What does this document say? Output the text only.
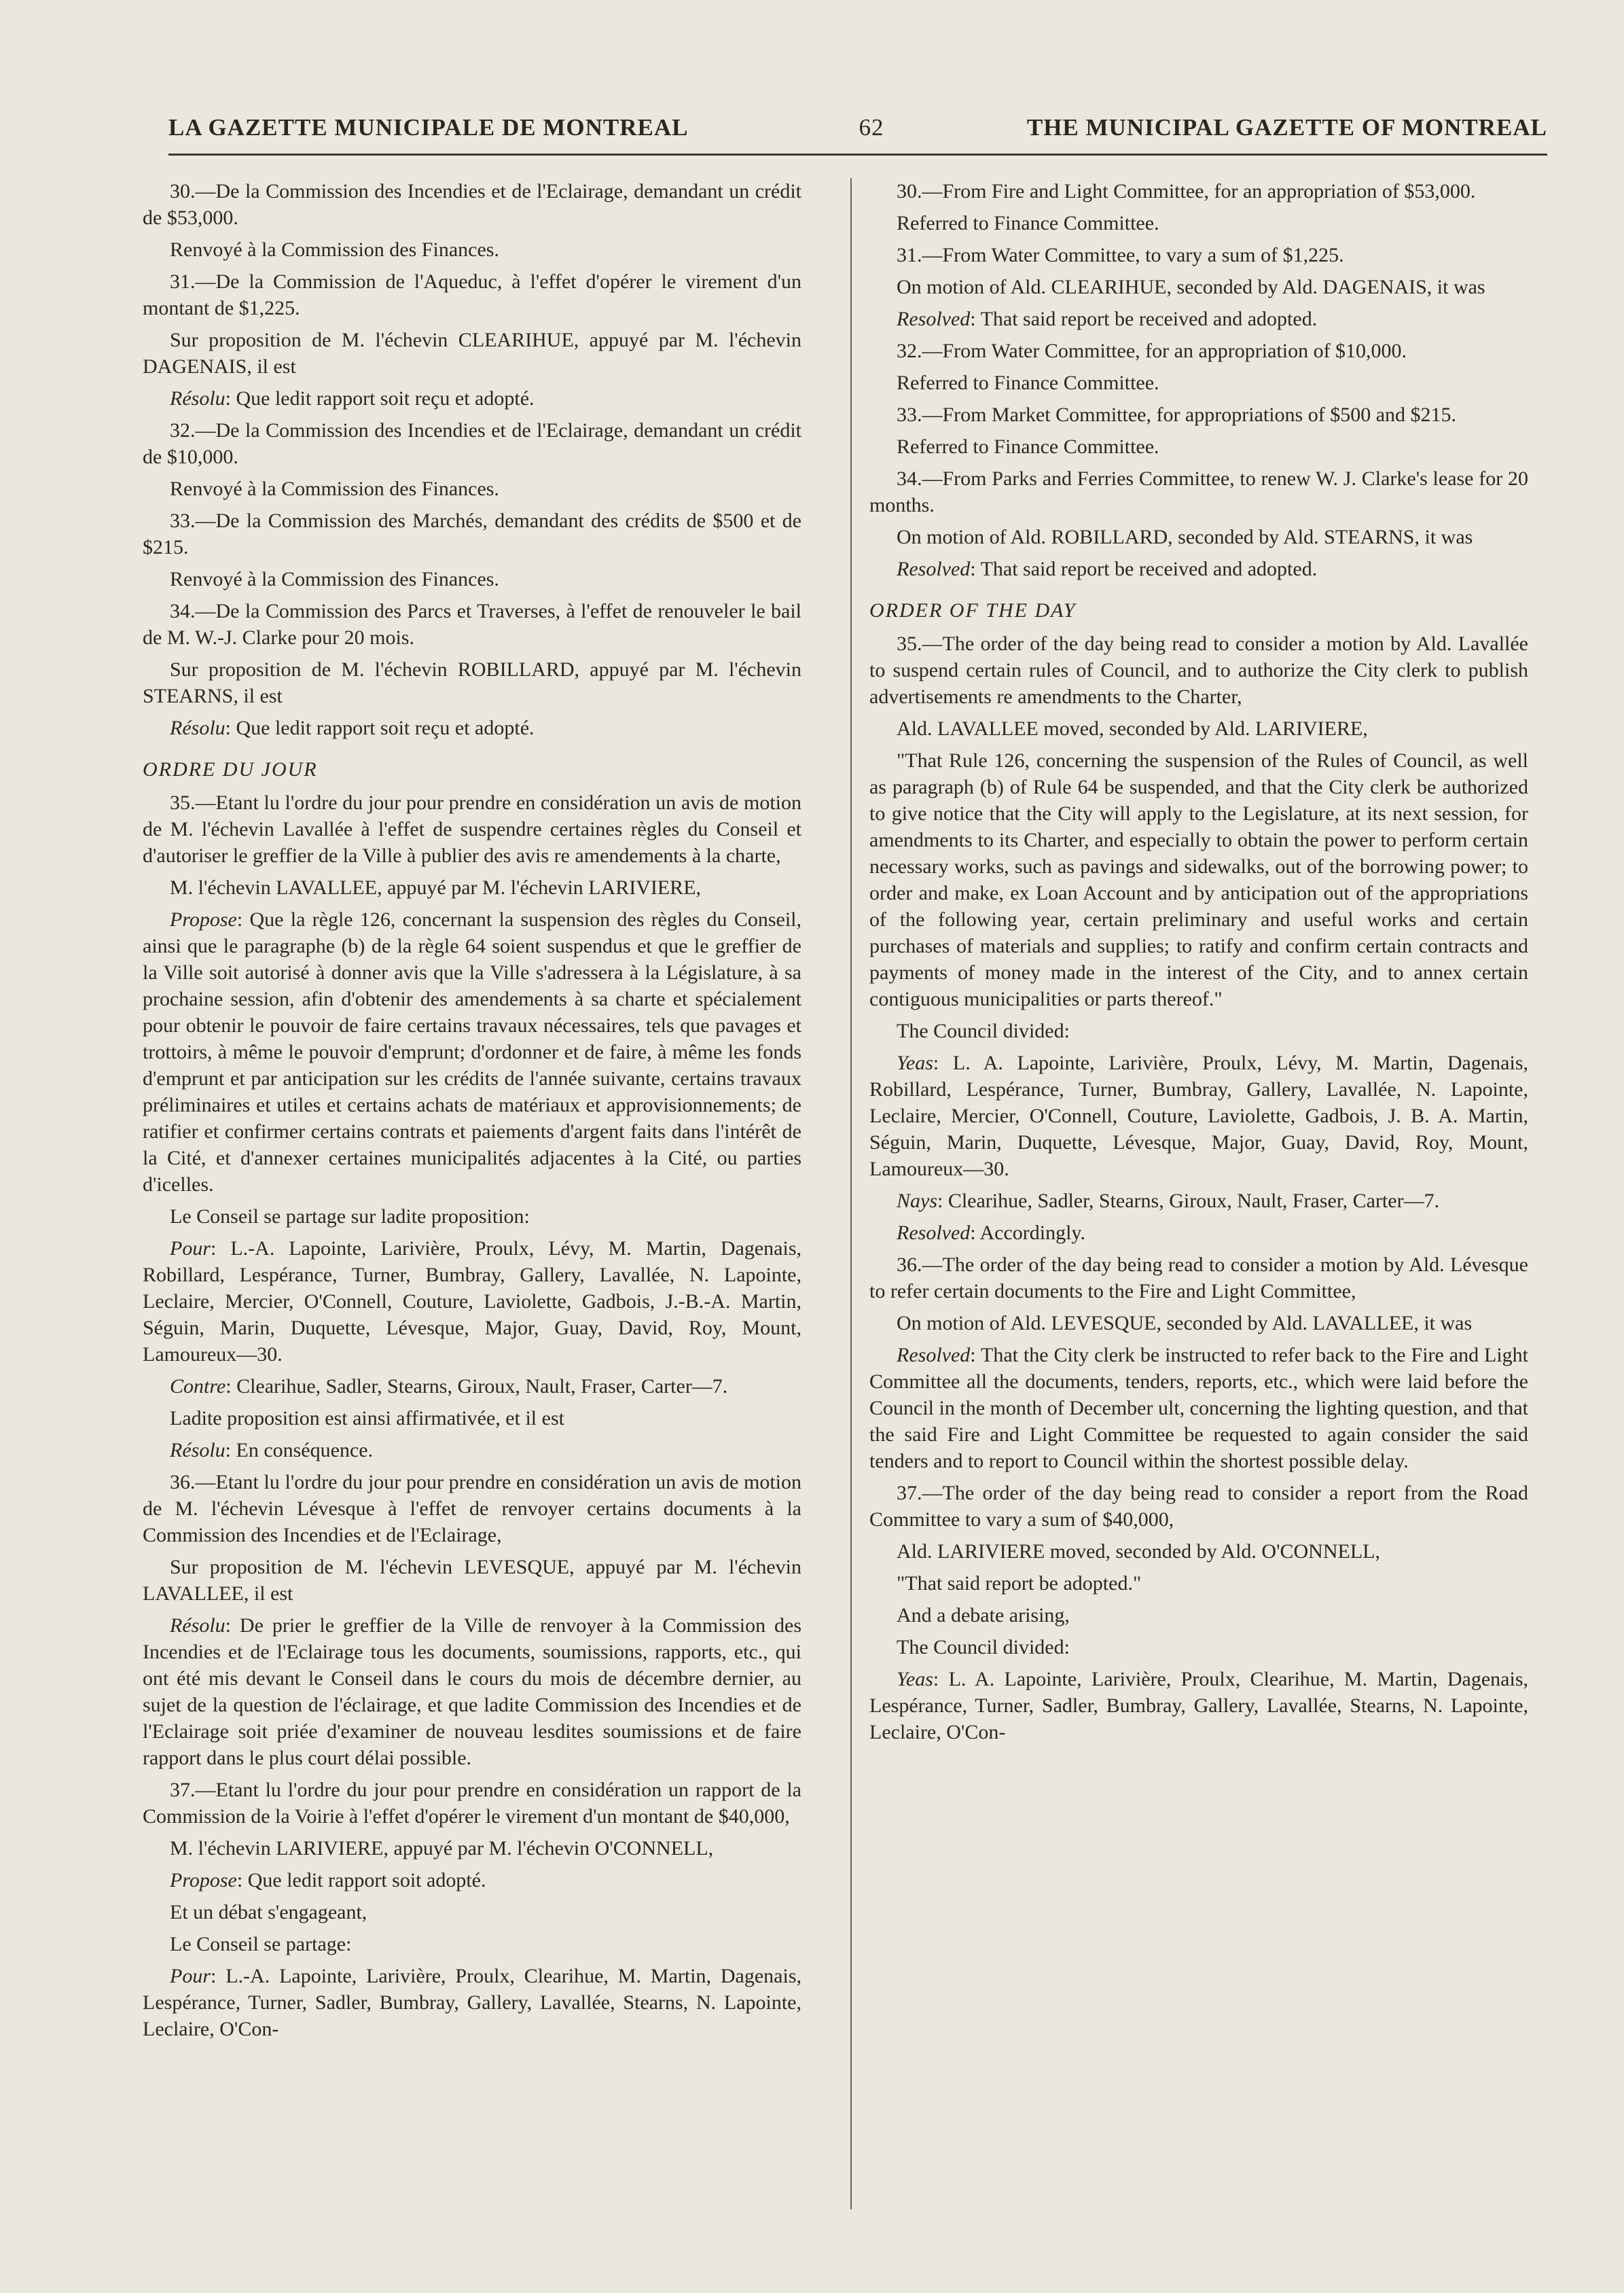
LA GAZETTE MUNICIPALE DE MONTREAL	62	THE MUNICIPAL GAZETTE OF MONTREAL

30.—De la Commission des Incendies et de l'Eclairage, demandant un crédit de $53,000.

Renvoyé à la Commission des Finances.

31.—De la Commission de l'Aqueduc, à l'effet d'opérer le virement d'un montant de $1,225.

Sur proposition de M. l'échevin CLEARIHUE, appuyé par M. l'échevin DAGENAIS, il est

Résolu: Que ledit rapport soit reçu et adopté.

32.—De la Commission des Incendies et de l'Eclairage, demandant un crédit de $10,000.

Renvoyé à la Commission des Finances.

33.—De la Commission des Marchés, demandant des crédits de $500 et de $215.

Renvoyé à la Commission des Finances.

34.—De la Commission des Parcs et Traverses, à l'effet de renouveler le bail de M. W.-J. Clarke pour 20 mois.

Sur proposition de M. l'échevin ROBILLARD, appuyé par M. l'échevin STEARNS, il est

Résolu: Que ledit rapport soit reçu et adopté.

ORDRE DU JOUR

35.—Etant lu l'ordre du jour pour prendre en considération un avis de motion de M. l'échevin Lavallée à l'effet de suspendre certaines règles du Conseil et d'autoriser le greffier de la Ville à publier des avis re amendements à la charte,

M. l'échevin LAVALLEE, appuyé par M. l'échevin LARIVIERE,

Propose: Que la règle 126, concernant la suspension des règles du Conseil, ainsi que le paragraphe (b) de la règle 64 soient suspendus et que le greffier de la Ville soit autorisé à donner avis que la Ville s'adressera à la Législature, à sa prochaine session, afin d'obtenir des amendements à sa charte et spécialement pour obtenir le pouvoir de faire certains travaux nécessaires, tels que pavages et trottoirs, à même le pouvoir d'emprunt; d'ordonner et de faire, à même les fonds d'emprunt et par anticipation sur les crédits de l'année suivante, certains travaux préliminaires et utiles et certains achats de matériaux et approvisionnements; de ratifier et confirmer certains contrats et paiements d'argent faits dans l'intérêt de la Cité, et d'annexer certaines municipalités adjacentes à la Cité, ou parties d'icelles.

Le Conseil se partage sur ladite proposition:

Pour: L.-A. Lapointe, Larivière, Proulx, Lévy, M. Martin, Dagenais, Robillard, Lespérance, Turner, Bumbray, Gallery, Lavallée, N. Lapointe, Leclaire, Mercier, O'Connell, Couture, Laviolette, Gadbois, J.-B.-A. Martin, Séguin, Marin, Duquette, Lévesque, Major, Guay, David, Roy, Mount, Lamoureux—30.

Contre: Clearihue, Sadler, Stearns, Giroux, Nault, Fraser, Carter—7.

Ladite proposition est ainsi affirmativée, et il est

Résolu: En conséquence.

36.—Etant lu l'ordre du jour pour prendre en considération un avis de motion de M. l'échevin Lévesque à l'effet de renvoyer certains documents à la Commission des Incendies et de l'Eclairage,

Sur proposition de M. l'échevin LEVESQUE, appuyé par M. l'échevin LAVALLEE, il est

Résolu: De prier le greffier de la Ville de renvoyer à la Commission des Incendies et de l'Eclairage tous les documents, soumissions, rapports, etc., qui ont été mis devant le Conseil dans le cours du mois de décembre dernier, au sujet de la question de l'éclairage, et que ladite Commission des Incendies et de l'Eclairage soit priée d'examiner de nouveau lesdites soumissions et de faire rapport dans le plus court délai possible.

37.—Etant lu l'ordre du jour pour prendre en considération un rapport de la Commission de la Voirie à l'effet d'opérer le virement d'un montant de $40,000,

M. l'échevin LARIVIERE, appuyé par M. l'échevin O'CONNELL,

Propose: Que ledit rapport soit adopté.

Et un débat s'engageant,

Le Conseil se partage:

Pour: L.-A. Lapointe, Larivière, Proulx, Clearihue, M. Martin, Dagenais, Lespérance, Turner, Sadler, Bumbray, Gallery, Lavallée, Stearns, N. Lapointe, Leclaire, O'Con-

30.—From Fire and Light Committee, for an appropriation of $53,000.

Referred to Finance Committee.

31.—From Water Committee, to vary a sum of $1,225.

On motion of Ald. CLEARIHUE, seconded by Ald. DAGENAIS, it was

Resolved: That said report be received and adopted.

32.—From Water Committee, for an appropriation of $10,000.

Referred to Finance Committee.

33.—From Market Committee, for appropriations of $500 and $215.

Referred to Finance Committee.

34.—From Parks and Ferries Committee, to renew W. J. Clarke's lease for 20 months.

On motion of Ald. ROBILLARD, seconded by Ald. STEARNS, it was

Resolved: That said report be received and adopted.

ORDER OF THE DAY

35.—The order of the day being read to consider a motion by Ald. Lavallée to suspend certain rules of Council, and to authorize the City clerk to publish advertisements re amendments to the Charter,

Ald. LAVALLEE moved, seconded by Ald. LARIVIERE,

"That Rule 126, concerning the suspension of the Rules of Council, as well as paragraph (b) of Rule 64 be suspended, and that the City clerk be authorized to give notice that the City will apply to the Legislature, at its next session, for amendments to its Charter, and especially to obtain the power to perform certain necessary works, such as pavings and sidewalks, out of the borrowing power; to order and make, ex Loan Account and by anticipation out of the appropriations of the following year, certain preliminary and useful works and certain purchases of materials and supplies; to ratify and confirm certain contracts and payments of money made in the interest of the City, and to annex certain contiguous municipalities or parts thereof."

The Council divided:

Yeas: L. A. Lapointe, Larivière, Proulx, Lévy, M. Martin, Dagenais, Robillard, Lespérance, Turner, Bumbray, Gallery, Lavallée, N. Lapointe, Leclaire, Mercier, O'Connell, Couture, Laviolette, Gadbois, J. B. A. Martin, Séguin, Marin, Duquette, Lévesque, Major, Guay, David, Roy, Mount, Lamoureux—30.

Nays: Clearihue, Sadler, Stearns, Giroux, Nault, Fraser, Carter—7.

Resolved: Accordingly.

36.—The order of the day being read to consider a motion by Ald. Lévesque to refer certain documents to the Fire and Light Committee,

On motion of Ald. LEVESQUE, seconded by Ald. LAVALLEE, it was

Resolved: That the City clerk be instructed to refer back to the Fire and Light Committee all the documents, tenders, reports, etc., which were laid before the Council in the month of December ult, concerning the lighting question, and that the said Fire and Light Committee be requested to again consider the said tenders and to report to Council within the shortest possible delay.

37.—The order of the day being read to consider a report from the Road Committee to vary a sum of $40,000,

Ald. LARIVIERE moved, seconded by Ald. O'CONNELL,

"That said report be adopted."

And a debate arising,

The Council divided:

Yeas: L. A. Lapointe, Larivière, Proulx, Clearihue, M. Martin, Dagenais, Lespérance, Turner, Sadler, Bumbray, Gallery, Lavallée, Stearns, N. Lapointe, Leclaire, O'Con-
